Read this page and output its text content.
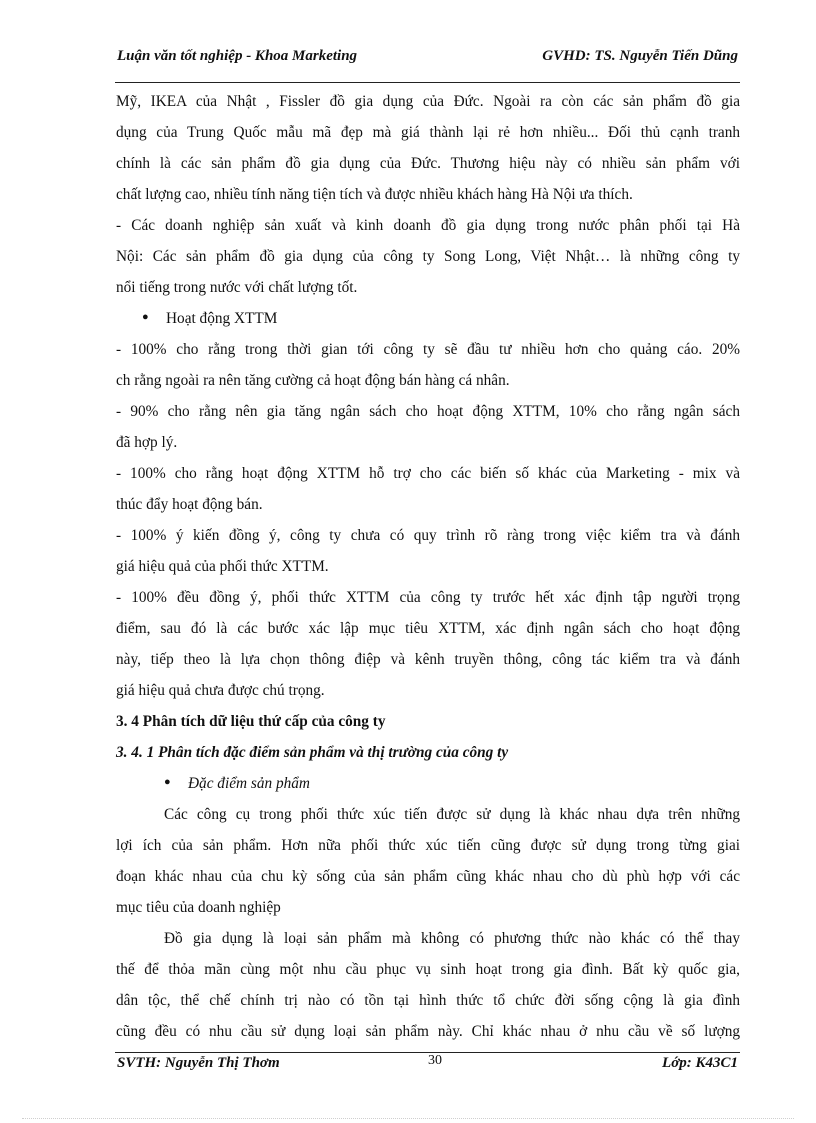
Luận văn tốt nghiệp - Khoa Marketing	GVHD: TS. Nguyễn Tiến Dũng
Mỹ, IKEA của Nhật , Fissler đồ gia dụng của Đức. Ngoài ra còn các sản phẩm đồ gia
dụng của Trung Quốc mẫu mã đẹp mà giá thành lại rẻ hơn nhiều... Đối thủ cạnh tranh
chính là các sản phẩm đồ gia dụng của Đức. Thương hiệu này có nhiều sản phẩm với
chất lượng cao, nhiều tính năng tiện tích và được nhiều khách hàng Hà Nội ưa thích.
- Các doanh nghiệp sản xuất và kinh doanh đồ gia dụng trong nước phân phối tại Hà
Nội: Các sản phẩm đồ gia dụng của công ty Song Long, Việt Nhật… là những công ty
nổi tiếng trong nước với chất lượng tốt.
● Hoạt động XTTM
- 100% cho rằng trong thời gian tới công ty sẽ đầu tư nhiều hơn cho quảng cáo. 20%
ch rằng ngoài ra nên tăng cường cả hoạt động bán hàng cá nhân.
- 90% cho rằng nên gia tăng ngân sách cho hoạt động XTTM, 10% cho rằng ngân sách
đã hợp lý.
- 100% cho rằng hoạt động XTTM hỗ trợ cho các biến số khác của Marketing - mix và
thúc đẩy hoạt động bán.
- 100% ý kiến đồng ý, công ty chưa có quy trình rõ ràng trong việc kiểm tra và đánh
giá hiệu quả của phối thức XTTM.
- 100% đều đồng ý, phối thức XTTM của công ty trước hết xác định tập người trọng
điểm, sau đó là các bước xác lập mục tiêu XTTM, xác định ngân sách cho hoạt động
này, tiếp theo là lựa chọn thông điệp và kênh truyền thông, công tác kiểm tra và đánh
giá hiệu quả chưa được chú trọng.
3. 4 Phân tích dữ liệu thứ cấp của công ty
3. 4. 1 Phân tích đặc điểm sản phẩm và thị trường của công ty
● Đặc điểm sản phẩm
Các công cụ trong phối thức xúc tiến được sử dụng là khác nhau dựa trên những
lợi ích của sản phẩm. Hơn nữa phối thức xúc tiến cũng được sử dụng trong từng giai
đoạn khác nhau của chu kỳ sống của sản phẩm cũng khác nhau cho dù phù hợp với các
mục tiêu của doanh nghiệp
Đồ gia dụng là loại sản phẩm mà không có phương thức nào khác có thể thay
thế để thỏa mãn cùng một nhu cầu phục vụ sinh hoạt trong gia đình. Bất kỳ quốc gia,
dân tộc, thể chế chính trị nào có tồn tại hình thức tổ chức đời sống cộng là gia đình
cũng đều có nhu cầu sử dụng loại sản phẩm này. Chỉ khác nhau ở nhu cầu về số lượng
SVTH: Nguyễn Thị Thơm	30	Lớp: K43C1
